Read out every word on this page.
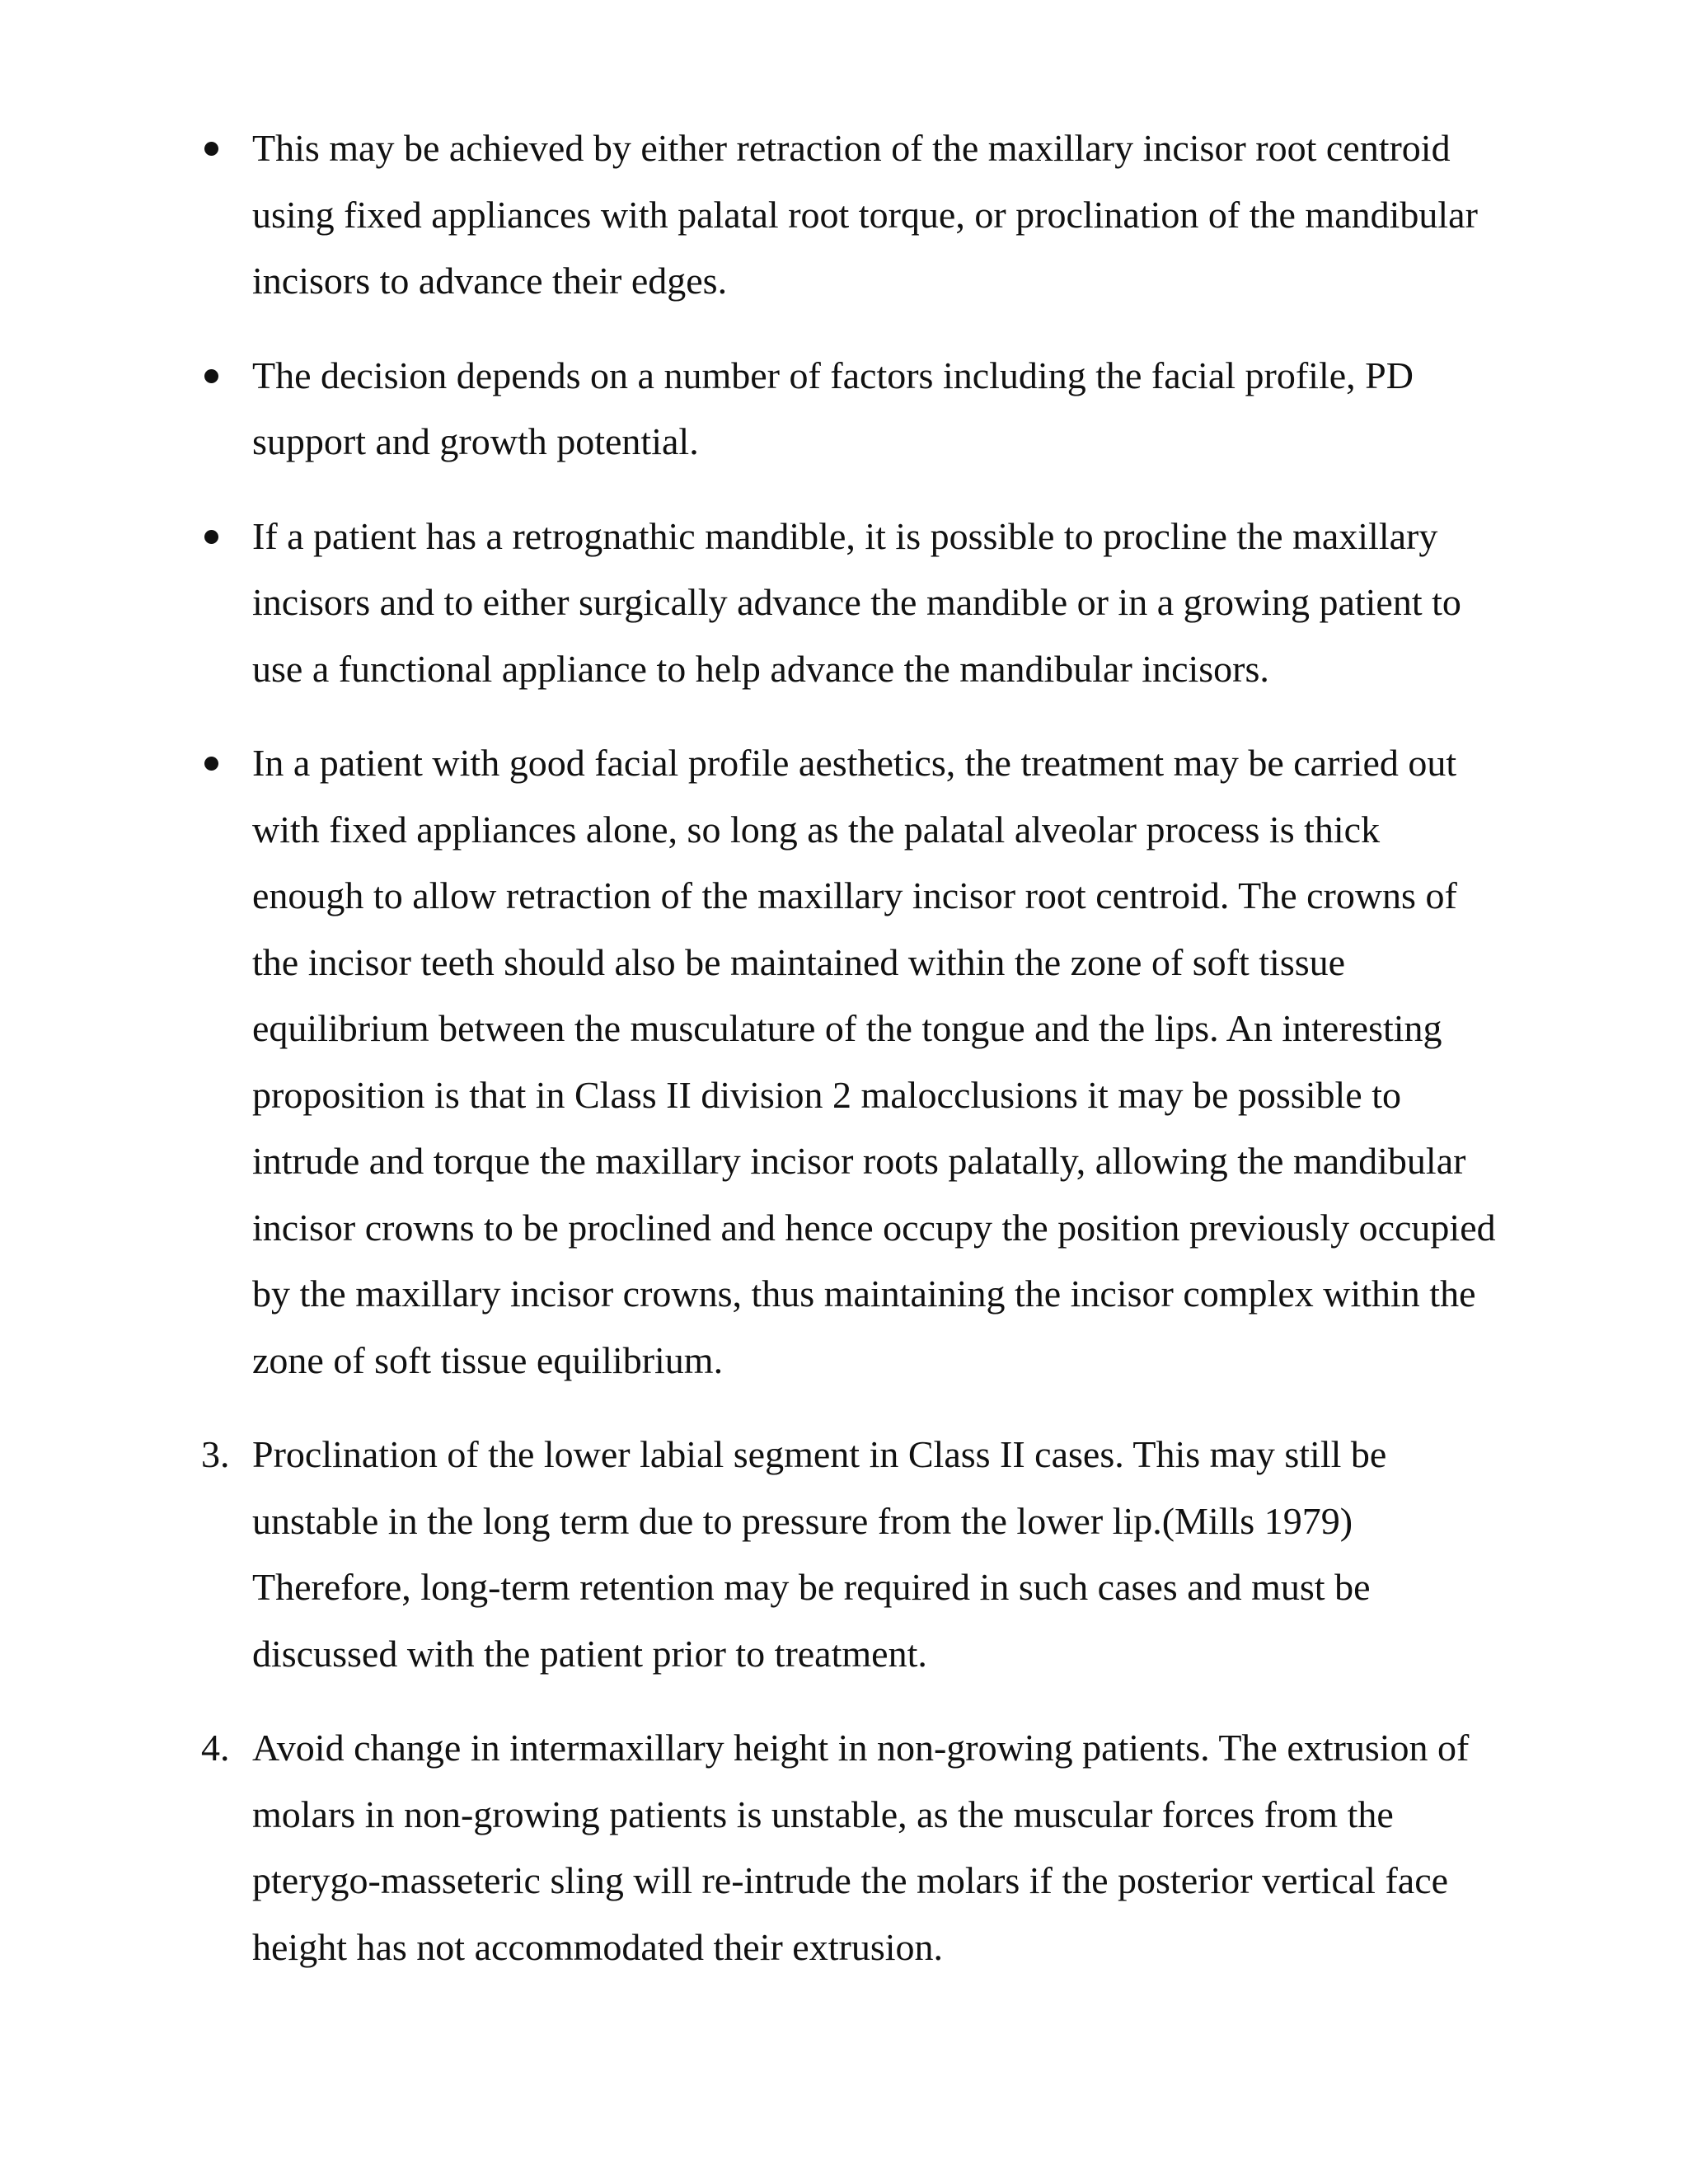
This may be achieved by either retraction of the maxillary incisor root centroid using fixed appliances with palatal root torque, or proclination of the mandibular incisors to advance their edges.
The decision depends on a number of factors including the facial profile, PD support and growth potential.
If a patient has a retrognathic mandible, it is possible to procline the maxillary incisors and to either surgically advance the mandible or in a growing patient to use a functional appliance to help advance the mandibular incisors.
In a patient with good facial profile aesthetics, the treatment may be carried out with fixed appliances alone, so long as the palatal alveolar process is thick enough to allow retraction of the maxillary incisor root centroid. The crowns of the incisor teeth should also be maintained within the zone of soft tissue equilibrium between the musculature of the tongue and the lips. An interesting proposition is that in Class II division 2 malocclusions it may be possible to intrude and torque the maxillary incisor roots palatally, allowing the mandibular incisor crowns to be proclined and hence occupy the position previously occupied by the maxillary incisor crowns, thus maintaining the incisor complex within the zone of soft tissue equilibrium.
3. Proclination of the lower labial segment in Class II cases. This may still be unstable in the long term due to pressure from the lower lip.(Mills 1979) Therefore, long-term retention may be required in such cases and must be discussed with the patient prior to treatment.
4. Avoid change in intermaxillary height in non-growing patients. The extrusion of molars in non-growing patients is unstable, as the muscular forces from the pterygo-masseteric sling will re-intrude the molars if the posterior vertical face height has not accommodated their extrusion.
